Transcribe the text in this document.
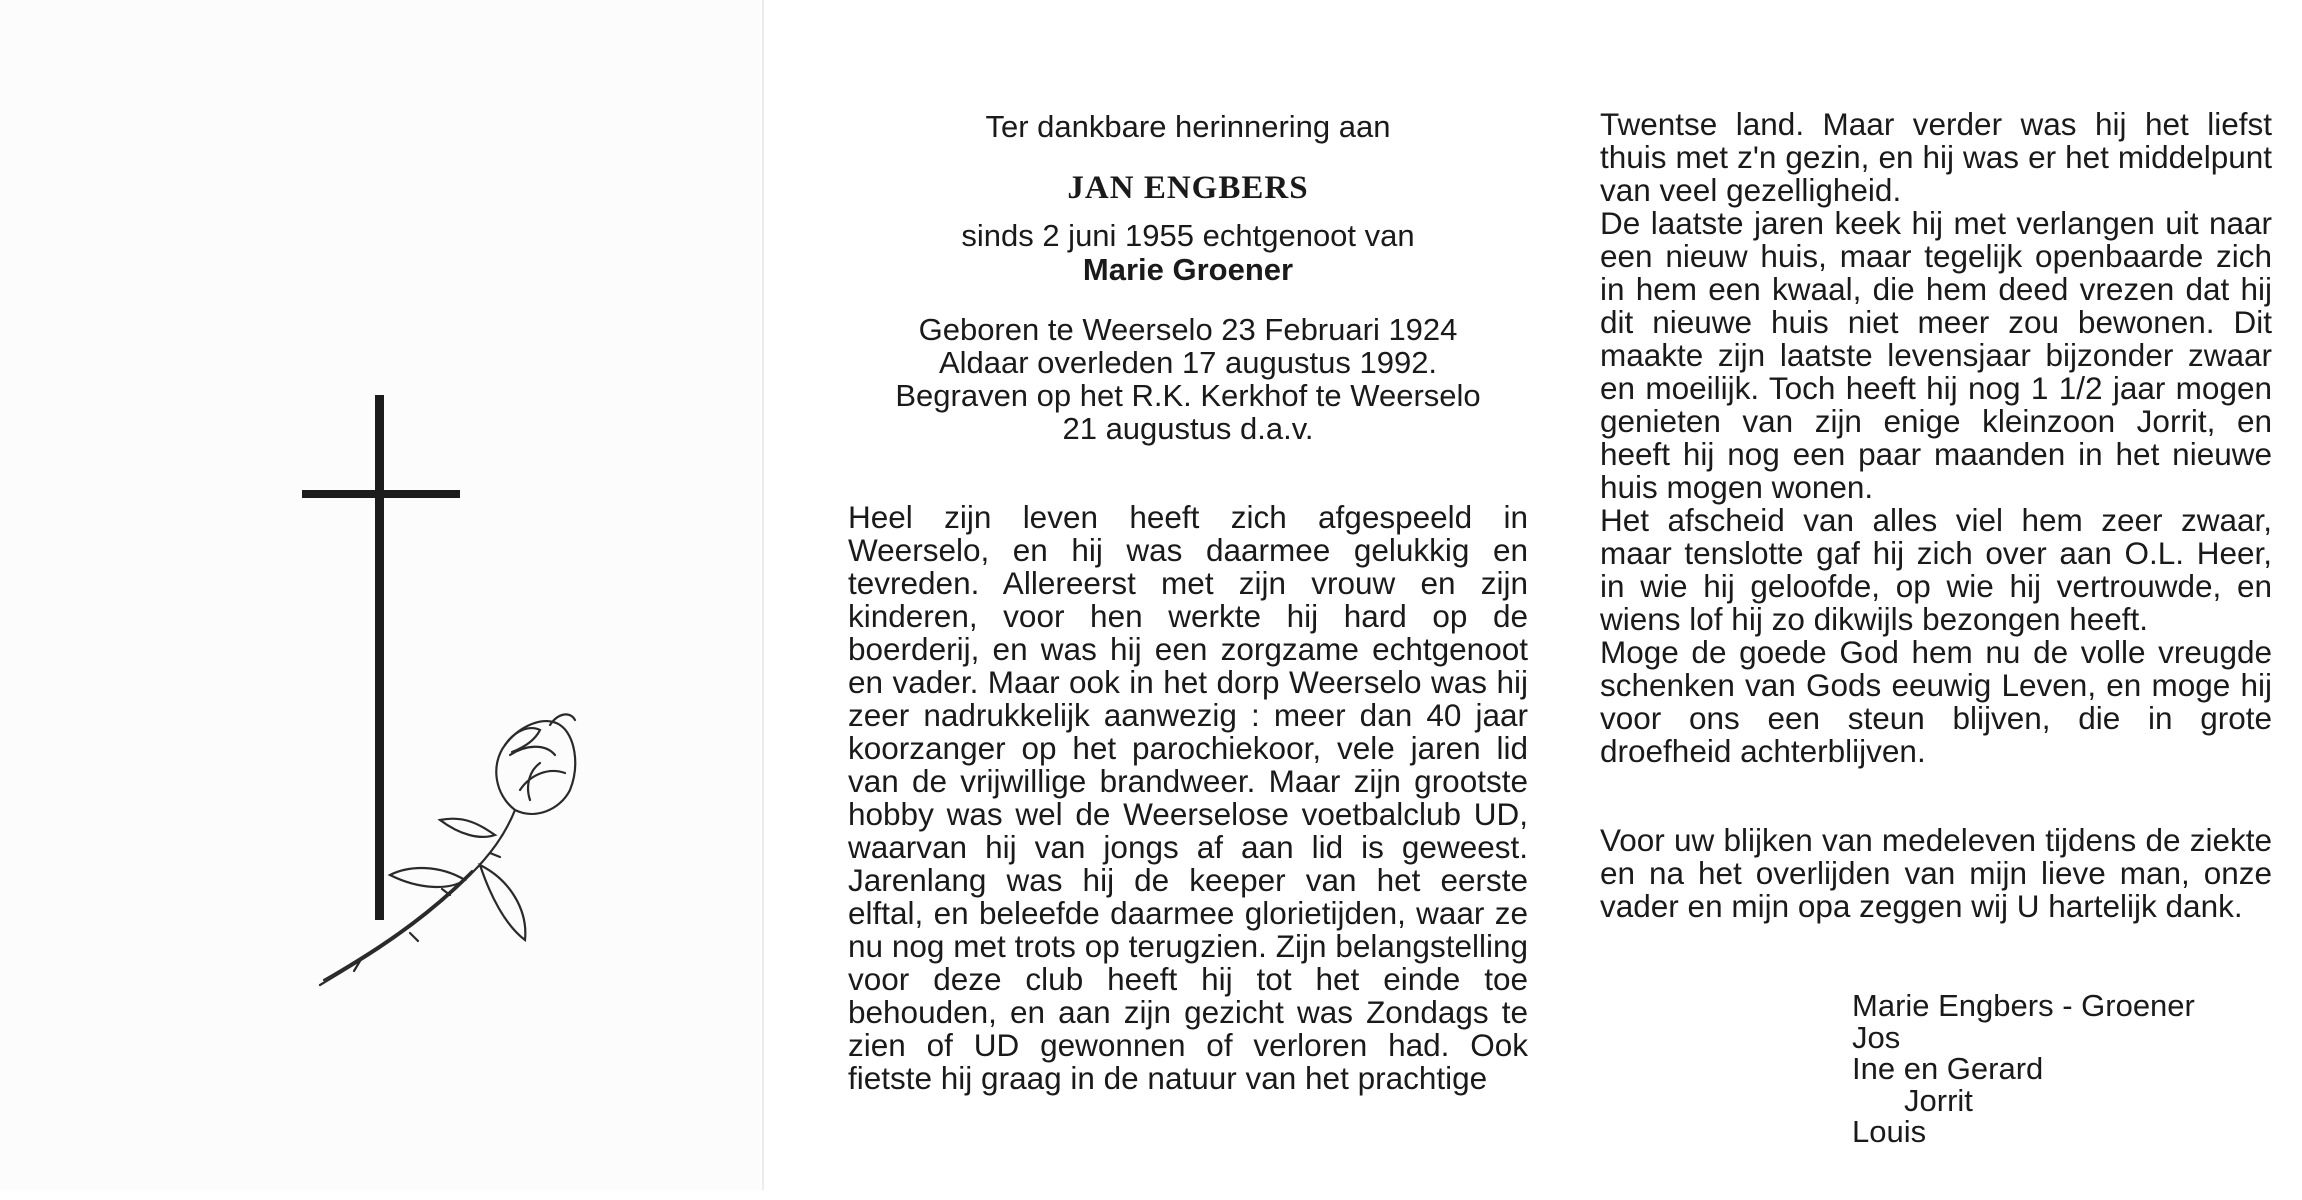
Ter dankbare herinnering aan

JAN ENGBERS

sinds 2 juni 1955 echtgenoot van

Marie Groener

Geboren te Weerselo 23 Februari 1924

Aldaar overleden 17 augustus 1992.

Begraven op het R.K. Kerkhof te Weerselo

21 augustus d.a.v.

Heel zijn leven heeft zich afgespeeld in Weerselo, en hij was daarmee gelukkig en tevreden. Allereerst met zijn vrouw en zijn kinderen, voor hen werkte hij hard op de boerderij, en was hij een zorgzame echtgenoot en vader. Maar ook in het dorp Weerselo was hij zeer nadrukkelijk aanwezig : meer dan 40 jaar koorzanger op het parochiekoor, vele jaren lid van de vrijwillige brandweer. Maar zijn grootste hobby was wel de Weerselose voetbalclub UD, waarvan hij van jongs af aan lid is geweest. Jarenlang was hij de keeper van het eerste elftal, en beleefde daarmee glorietijden, waar ze nu nog met trots op terugzien. Zijn belangstelling voor deze club heeft hij tot het einde toe behouden, en aan zijn gezicht was Zondags te zien of UD gewonnen of verloren had. Ook fietste hij graag in de natuur van het prachtige

Twentse land. Maar verder was hij het liefst thuis met z'n gezin, en hij was er het middelpunt van veel gezelligheid.

De laatste jaren keek hij met verlangen uit naar een nieuw huis, maar tegelijk openbaarde zich in hem een kwaal, die hem deed vrezen dat hij dit nieuwe huis niet meer zou bewonen. Dit maakte zijn laatste levensjaar bijzonder zwaar en moeilijk. Toch heeft hij nog 1 1/2 jaar mogen genieten van zijn enige kleinzoon Jorrit, en heeft hij nog een paar maanden in het nieuwe huis mogen wonen.

Het afscheid van alles viel hem zeer zwaar, maar tenslotte gaf hij zich over aan O.L. Heer, in wie hij geloofde, op wie hij vertrouwde, en wiens lof hij zo dikwijls bezongen heeft.

Moge de goede God hem nu de volle vreugde schenken van Gods eeuwig Leven, en moge hij voor ons een steun blijven, die in grote droefheid achterblijven.

Voor uw blijken van medeleven tijdens de ziekte en na het overlijden van mijn lieve man, onze vader en mijn opa zeggen wij U hartelijk dank.

Marie Engbers - Groener

Jos

Ine en Gerard

Jorrit

Louis
